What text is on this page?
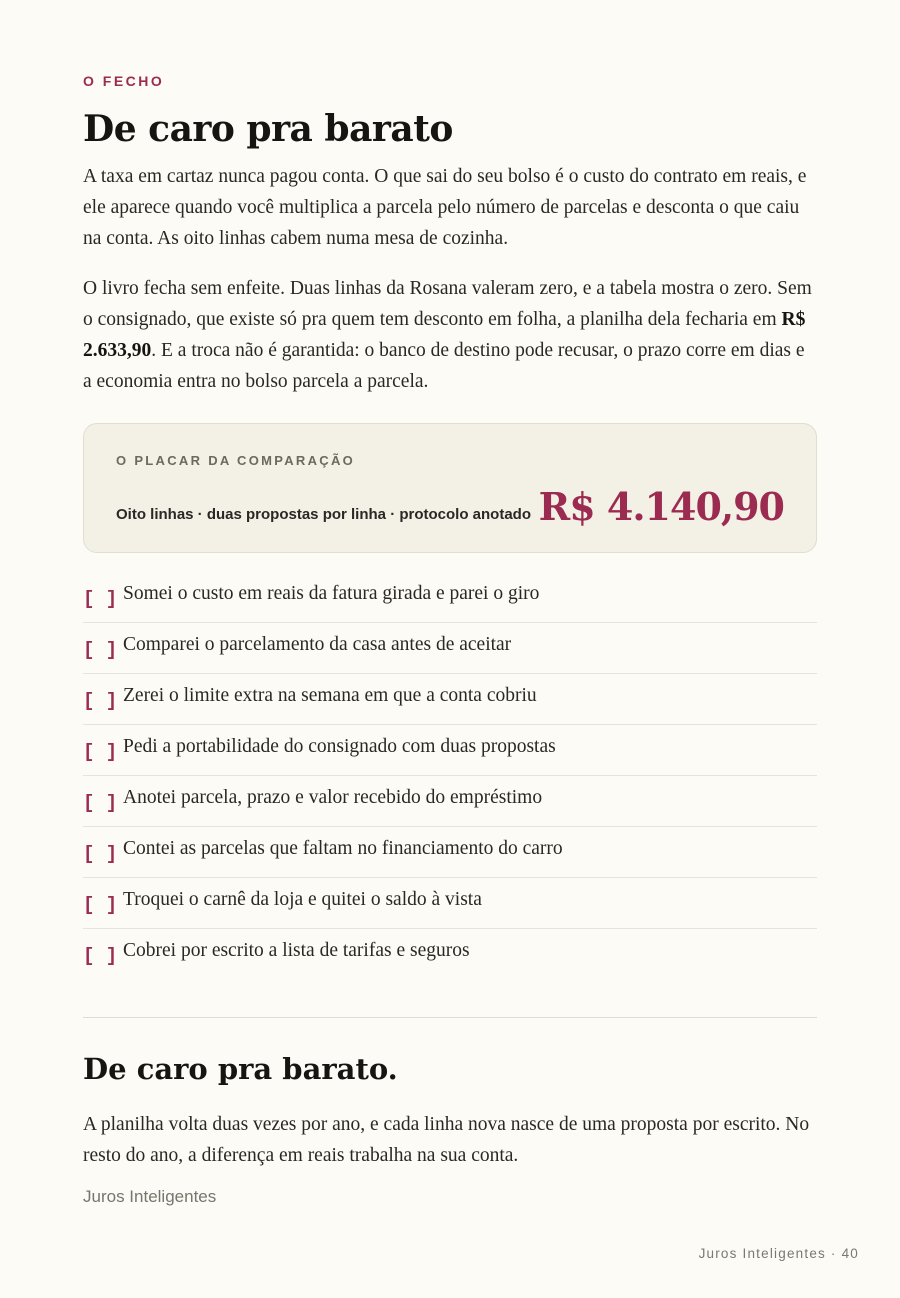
O FECHO
De caro pra barato

A taxa em cartaz nunca pagou conta. O que sai do seu bolso é o custo do contrato em reais, e ele aparece quando você multiplica a parcela pelo número de parcelas e desconta o que caiu na conta. As oito linhas cabem numa mesa de cozinha.

O livro fecha sem enfeite. Duas linhas da Rosana valeram zero, e a tabela mostra o zero. Sem o consignado, que existe só pra quem tem desconto em folha, a planilha dela fecharia em R$ 2.633,90. E a troca não é garantida: o banco de destino pode recusar, o prazo corre em dias e a economia entra no bolso parcela a parcela.

O PLACAR DA COMPARAÇÃO
Oito linhas · duas propostas por linha · protocolo anotado R$ 4.140,90
[ ] Somei o custo em reais da fatura girada e parei o giro
[ ] Comparei o parcelamento da casa antes de aceitar
[ ] Zerei o limite extra na semana em que a conta cobriu
[ ] Pedi a portabilidade do consignado com duas propostas
[ ] Anotei parcela, prazo e valor recebido do empréstimo
[ ] Contei as parcelas que faltam no financiamento do carro
[ ] Troquei o carnê da loja e quitei o saldo à vista
[ ] Cobrei por escrito a lista de tarifas e seguros
De caro pra barato.

A planilha volta duas vezes por ano, e cada linha nova nasce de uma proposta por escrito. No resto do ano, a diferença em reais trabalha na sua conta.

Juros Inteligentes
Juros Inteligentes · 40
